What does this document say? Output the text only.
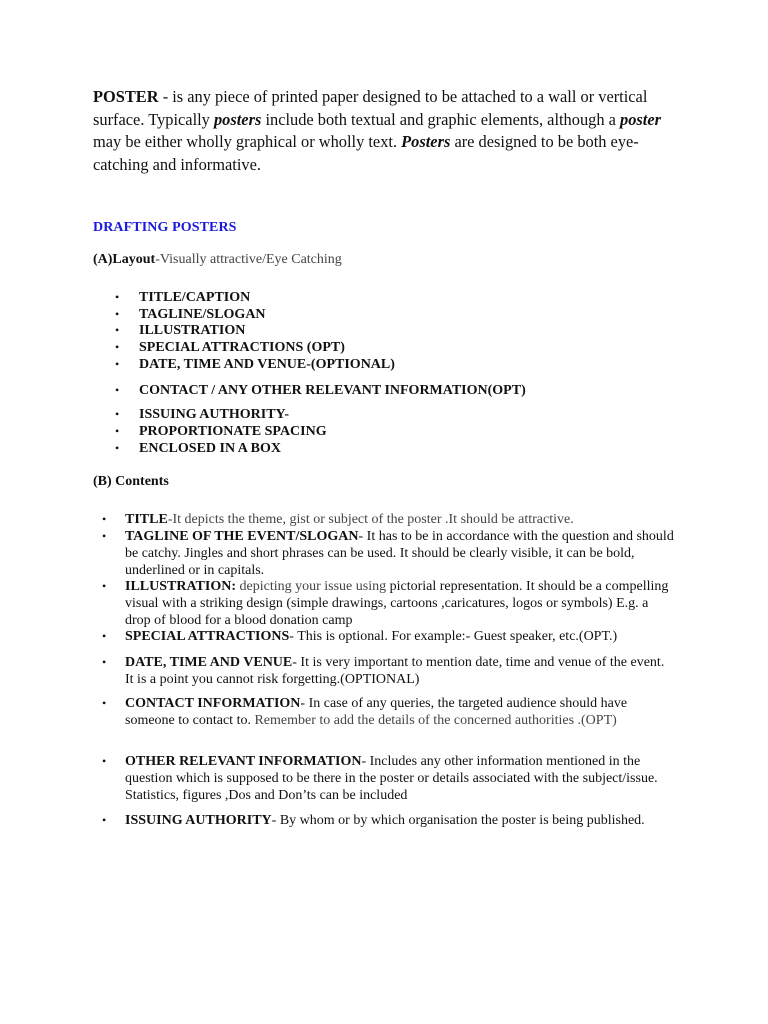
POSTER - is any piece of printed paper designed to be attached to a wall or vertical surface. Typically posters include both textual and graphic elements, although a poster may be either wholly graphical or wholly text. Posters are designed to be both eye-catching and informative.

DRAFTING POSTERS
(A)Layout-Visually attractive/Eye Catching
• TITLE/CAPTION
• TAGLINE/SLOGAN
• ILLUSTRATION
• SPECIAL ATTRACTIONS (OPT)
• DATE, TIME AND VENUE-(OPTIONAL)
• CONTACT / ANY OTHER RELEVANT INFORMATION(OPT)
• ISSUING AUTHORITY-
• PROPORTIONATE SPACING
• ENCLOSED IN A BOX
(B) Contents
• TITLE-It depicts the theme, gist or subject of the poster .It should be attractive.
• TAGLINE OF THE EVENT/SLOGAN- It has to be in accordance with the question and should be catchy. Jingles and short phrases can be used. It should be clearly visible, it can be bold, underlined or in capitals.
• ILLUSTRATION: depicting your issue using pictorial representation. It should be a compelling visual with a striking design (simple drawings, cartoons ,caricatures, logos or symbols) E.g. a drop of blood for a blood donation camp
• SPECIAL ATTRACTIONS- This is optional. For example:- Guest speaker, etc.(OPT.)
• DATE, TIME AND VENUE- It is very important to mention date, time and venue of the event. It is a point you cannot risk forgetting.(OPTIONAL)
• CONTACT INFORMATION- In case of any queries, the targeted audience should have someone to contact to. Remember to add the details of the concerned authorities .(OPT)
• OTHER RELEVANT INFORMATION- Includes any other information mentioned in the question which is supposed to be there in the poster or details associated with the subject/issue. Statistics, figures ,Dos and Don’ts can be included
• ISSUING AUTHORITY- By whom or by which organisation the poster is being published.
